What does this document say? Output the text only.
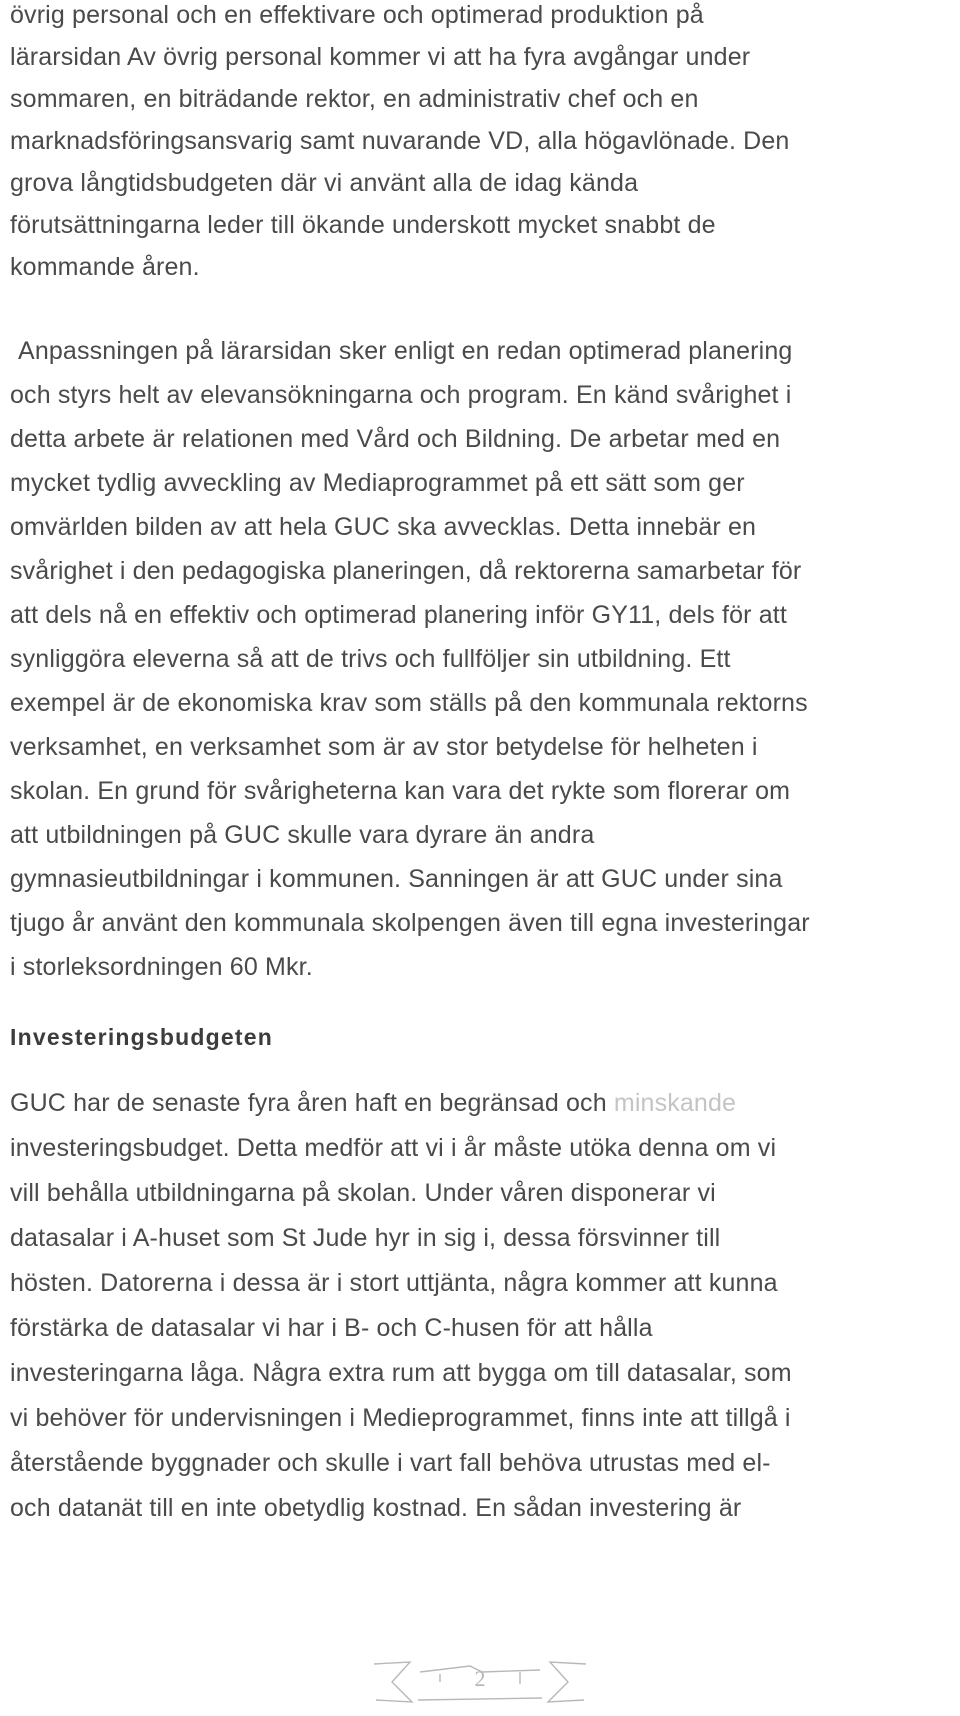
övrig personal och en effektivare och optimerad produktion på

lärarsidan Av övrig personal kommer vi att ha fyra avgångar under

sommaren, en biträdande rektor, en administrativ chef och en

marknadsföringsansvarig samt nuvarande VD, alla högavlönade. Den

grova långtidsbudgeten där vi använt alla de idag kända

förutsättningarna leder till ökande underskott mycket snabbt de

kommande åren.

Anpassningen på lärarsidan sker enligt en redan optimerad planering

och styrs helt av elevansökningarna och program. En känd svårighet i

detta arbete är relationen med Vård och Bildning. De arbetar med en

mycket tydlig avveckling av Mediaprogrammet på ett sätt som ger

omvärlden bilden av att hela GUC ska avvecklas. Detta innebär en

svårighet i den pedagogiska planeringen, då rektorerna samarbetar för

att dels nå en effektiv och optimerad planering inför GY11, dels för att

synliggöra eleverna så att de trivs och fullföljer sin utbildning. Ett

exempel är de ekonomiska krav som ställs på den kommunala rektorns

verksamhet, en verksamhet som är av stor betydelse för helheten i

skolan. En grund för svårigheterna kan vara det rykte som florerar om

att utbildningen på GUC skulle vara dyrare än andra

gymnasieutbildningar i kommunen. Sanningen är att GUC under sina

tjugo år använt den kommunala skolpengen även till egna investeringar

i storleksordningen 60 Mkr.

Investeringsbudgeten

GUC har de senaste fyra åren haft en begränsad och minskande

investeringsbudget. Detta medför att vi i år måste utöka denna om vi

vill behålla utbildningarna på skolan. Under våren disponerar vi

datasalar i A-huset som St Jude hyr in sig i, dessa försvinner till

hösten. Datorerna i dessa är i stort uttjänta, några kommer att kunna

förstärka de datasalar vi har i B- och C-husen för att hålla

investeringarna låga. Några extra rum att bygga om till datasalar, som

vi behöver för undervisningen i Medieprogrammet, finns inte att tillgå i

återstående byggnader och skulle i vart fall behöva utrustas med el-

och datanät till en inte obetydlig kostnad. En sådan investering är

2
